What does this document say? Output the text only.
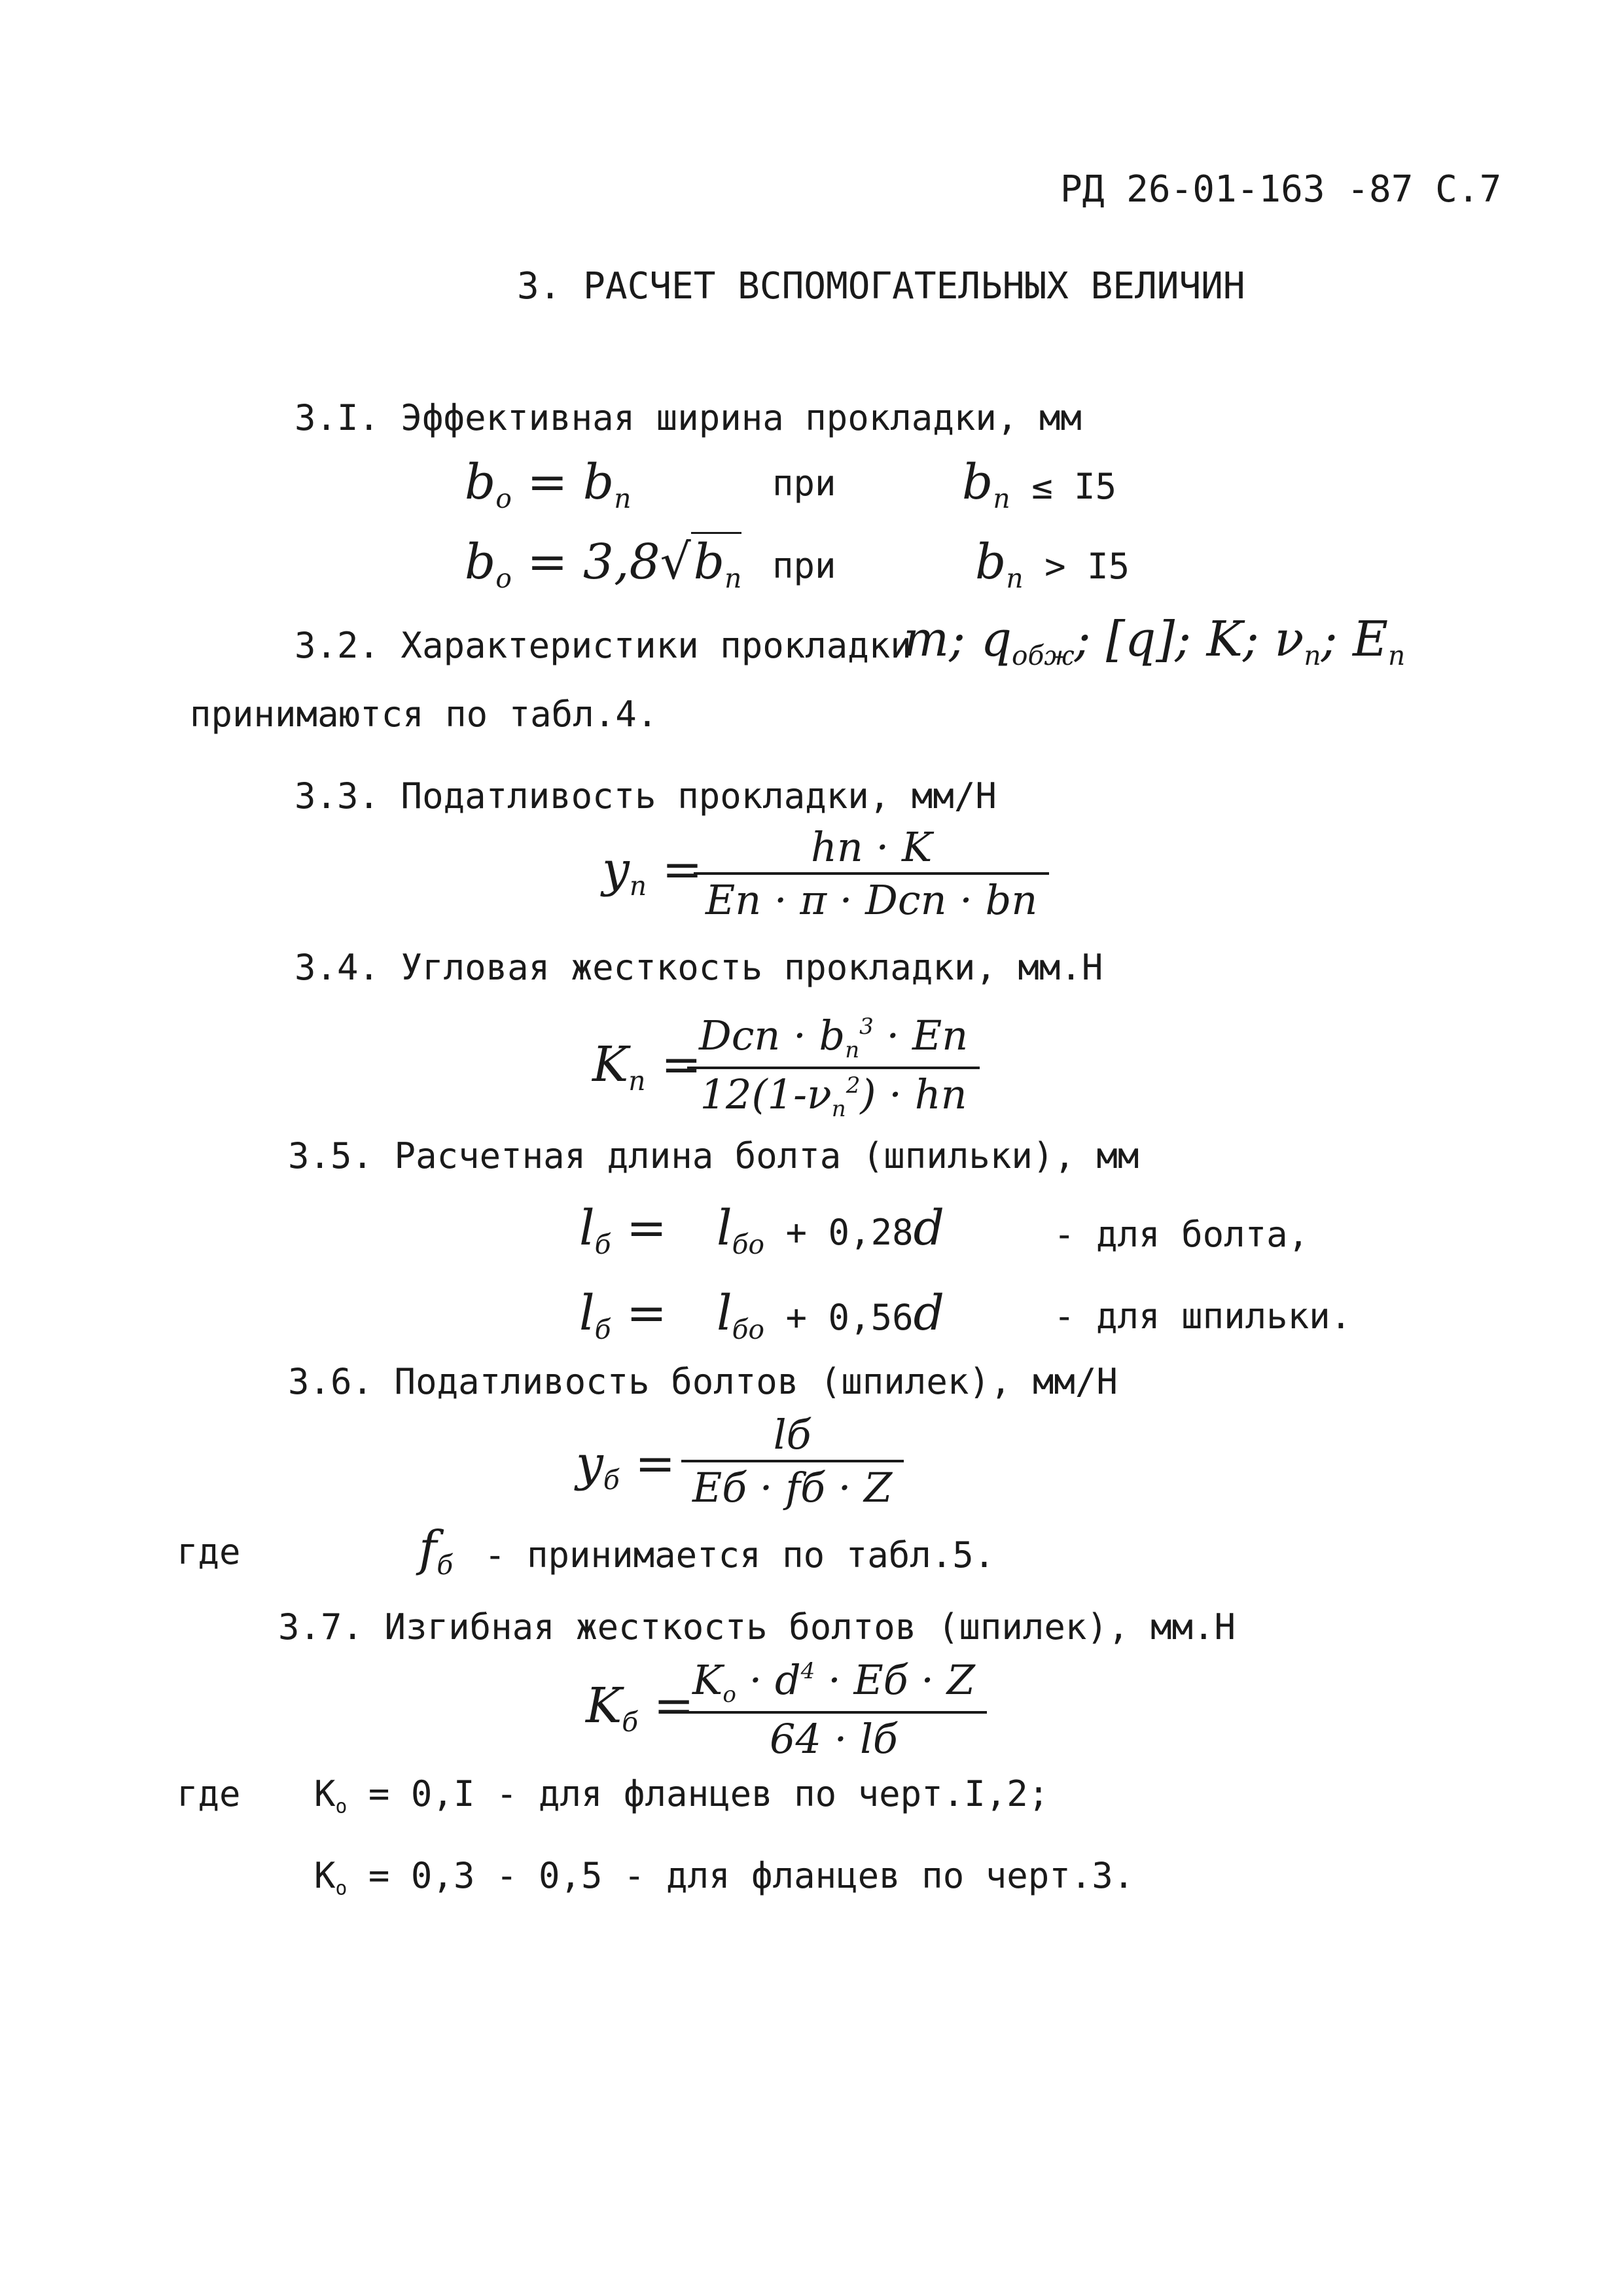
РД 26-01-163 -87 С.7
3. РАСЧЕТ ВСПОМОГАТЕЛЬНЫХ ВЕЛИЧИН
3.I. Эффективная ширина прокладки, мм
$b_o = b_п$	при	$b_п \le I5$
$b_o = 3,8√b_п$ при	$b_п > I5$
3.2. Характеристики прокладки
m; $q_{обж}$; [q]; K; $\nu_п$; $E_п$
принимаются по табл.4.
3.3. Податливость прокладки, мм/Н
$y_п$ =	hп · K
Eп · π · Dсп · bп
3.4. Угловая жесткость прокладки, мм.Н
$K_п$ =
Dсп · $b_п^3$ · Eп
$12(1-\nu_п^2)$ · hп
3.5. Расчетная длина болта (шпильки), мм
$l_б = l_{бо} + 0,28d$	- для болта,
$l_б = l_{бо} + 0,56d$	- для шпильки.
3.6. Податливость болтов (шпилек), мм/Н
$y_б$ =
lб
Eб · fб · Z
где	$f_б$ - принимается по табл.5.
3.7. Изгибная жесткость болтов (шпилек), мм.Н
$K_б$ =
$K_o \cdot d^4$ · Eб · Z
64 · lб
где $K_o = 0,I$ - для фланцев по черт.I,2;
$K_o = 0,3 - 0,5$ - для фланцев по черт.3.
